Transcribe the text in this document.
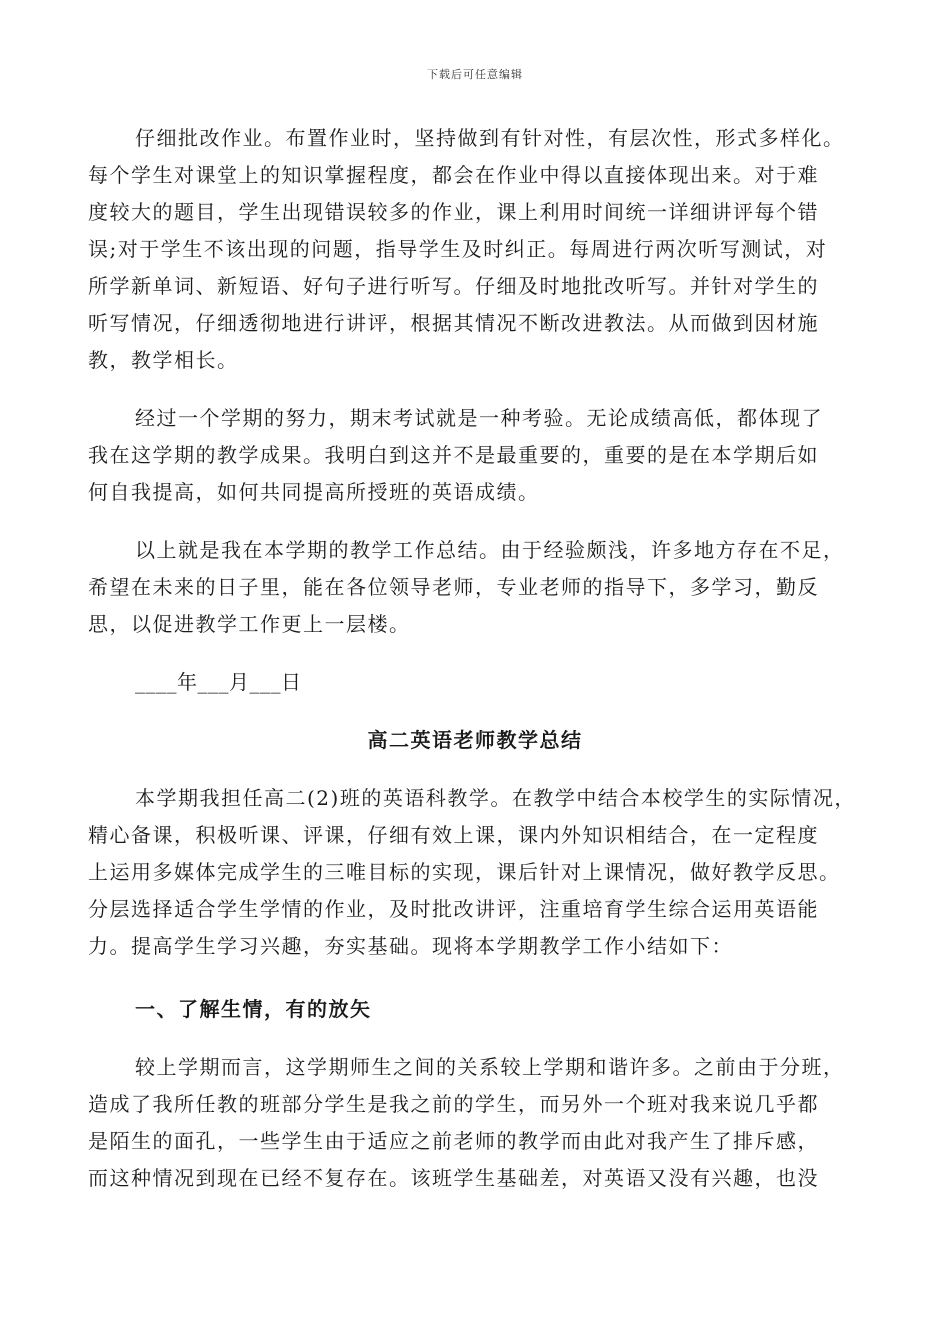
下载后可任意编辑
仔细批改作业。布置作业时，坚持做到有针对性，有层次性，形式多样化。
每个学生对课堂上的知识掌握程度，都会在作业中得以直接体现出来。对于难
度较大的题目，学生出现错误较多的作业，课上利用时间统一详细讲评每个错
误;对于学生不该出现的问题，指导学生及时纠正。每周进行两次听写测试，对
所学新单词、新短语、好句子进行听写。仔细及时地批改听写。并针对学生的
听写情况，仔细透彻地进行讲评，根据其情况不断改进教法。从而做到因材施
教，教学相长。
经过一个学期的努力，期末考试就是一种考验。无论成绩高低，都体现了
我在这学期的教学成果。我明白到这并不是最重要的，重要的是在本学期后如
何自我提高，如何共同提高所授班的英语成绩。
以上就是我在本学期的教学工作总结。由于经验颇浅，许多地方存在不足，
希望在未来的日子里，能在各位领导老师，专业老师的指导下，多学习，勤反
思，以促进教学工作更上一层楼。
____年___月___日
高二英语老师教学总结
本学期我担任高二(2)班的英语科教学。在教学中结合本校学生的实际情况，
精心备课，积极听课、评课，仔细有效上课，课内外知识相结合，在一定程度
上运用多媒体完成学生的三唯目标的实现，课后针对上课情况，做好教学反思。
分层选择适合学生学情的作业，及时批改讲评，注重培育学生综合运用英语能
力。提高学生学习兴趣，夯实基础。现将本学期教学工作小结如下：
一、了解生情，有的放矢
较上学期而言，这学期师生之间的关系较上学期和谐许多。之前由于分班，
造成了我所任教的班部分学生是我之前的学生，而另外一个班对我来说几乎都
是陌生的面孔，一些学生由于适应之前老师的教学而由此对我产生了排斥感，
而这种情况到现在已经不复存在。该班学生基础差，对英语又没有兴趣，也没
